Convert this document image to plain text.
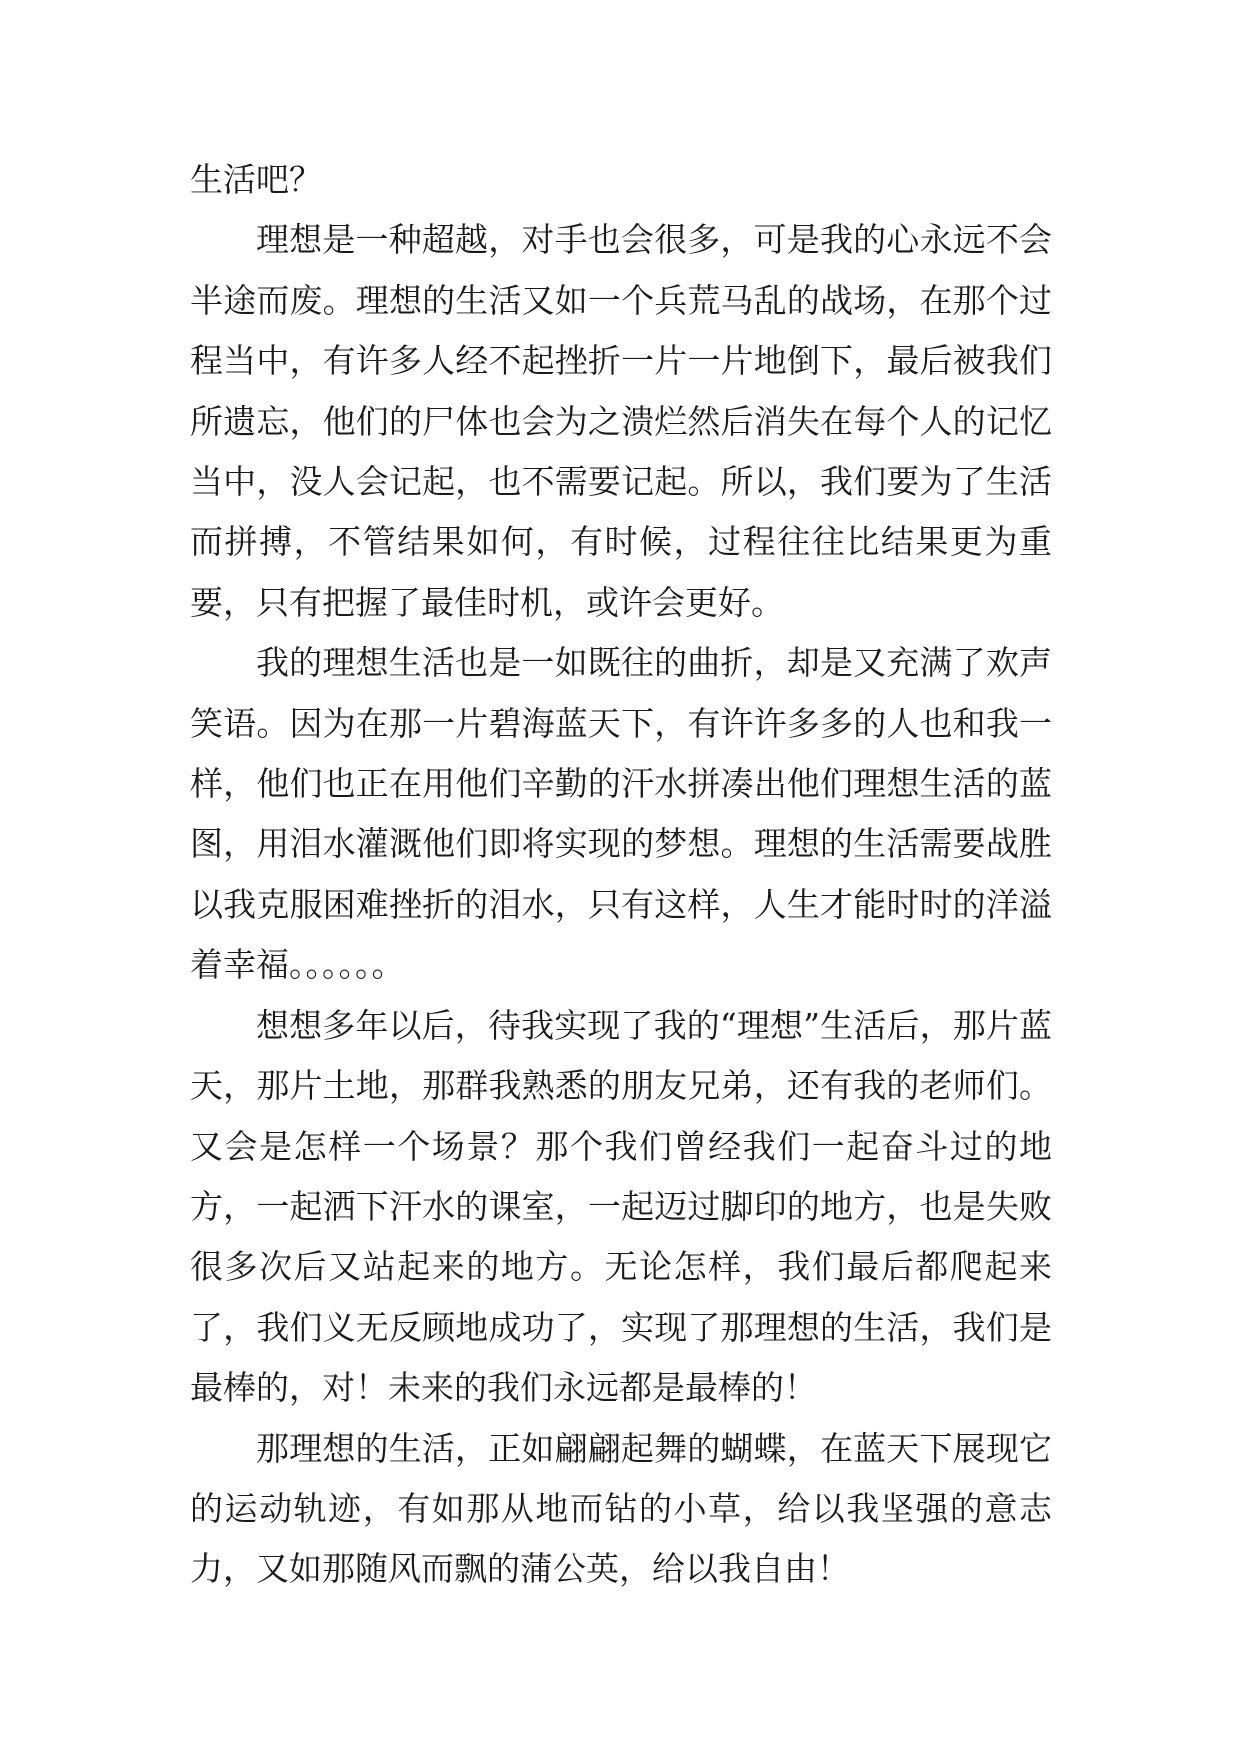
生活吧？

理想是一种超越，对手也会很多，可是我的心永远不会半途而废。理想的生活又如一个兵荒马乱的战场，在那个过程当中，有许多人经不起挫折一片一片地倒下，最后被我们所遗忘，他们的尸体也会为之溃烂然后消失在每个人的记忆当中，没人会记起，也不需要记起。所以，我们要为了生活而拼搏，不管结果如何，有时候，过程往往比结果更为重要，只有把握了最佳时机，或许会更好。

我的理想生活也是一如既往的曲折，却是又充满了欢声笑语。因为在那一片碧海蓝天下，有许许多多的人也和我一样，他们也正在用他们辛勤的汗水拼凑出他们理想生活的蓝图，用泪水灌溉他们即将实现的梦想。理想的生活需要战胜以我克服困难挫折的泪水，只有这样，人生才能时时的洋溢着幸福。。。。。。

想想多年以后，待我实现了我的“理想”生活后，那片蓝天，那片土地，那群我熟悉的朋友兄弟，还有我的老师们。又会是怎样一个场景？那个我们曾经我们一起奋斗过的地方，一起洒下汗水的课室，一起迈过脚印的地方，也是失败很多次后又站起来的地方。无论怎样，我们最后都爬起来了，我们义无反顾地成功了，实现了那理想的生活，我们是最棒的，对！未来的我们永远都是最棒的！

那理想的生活，正如翩翩起舞的蝴蝶，在蓝天下展现它的运动轨迹，有如那从地而钻的小草，给以我坚强的意志力，又如那随风而飘的蒲公英，给以我自由！
